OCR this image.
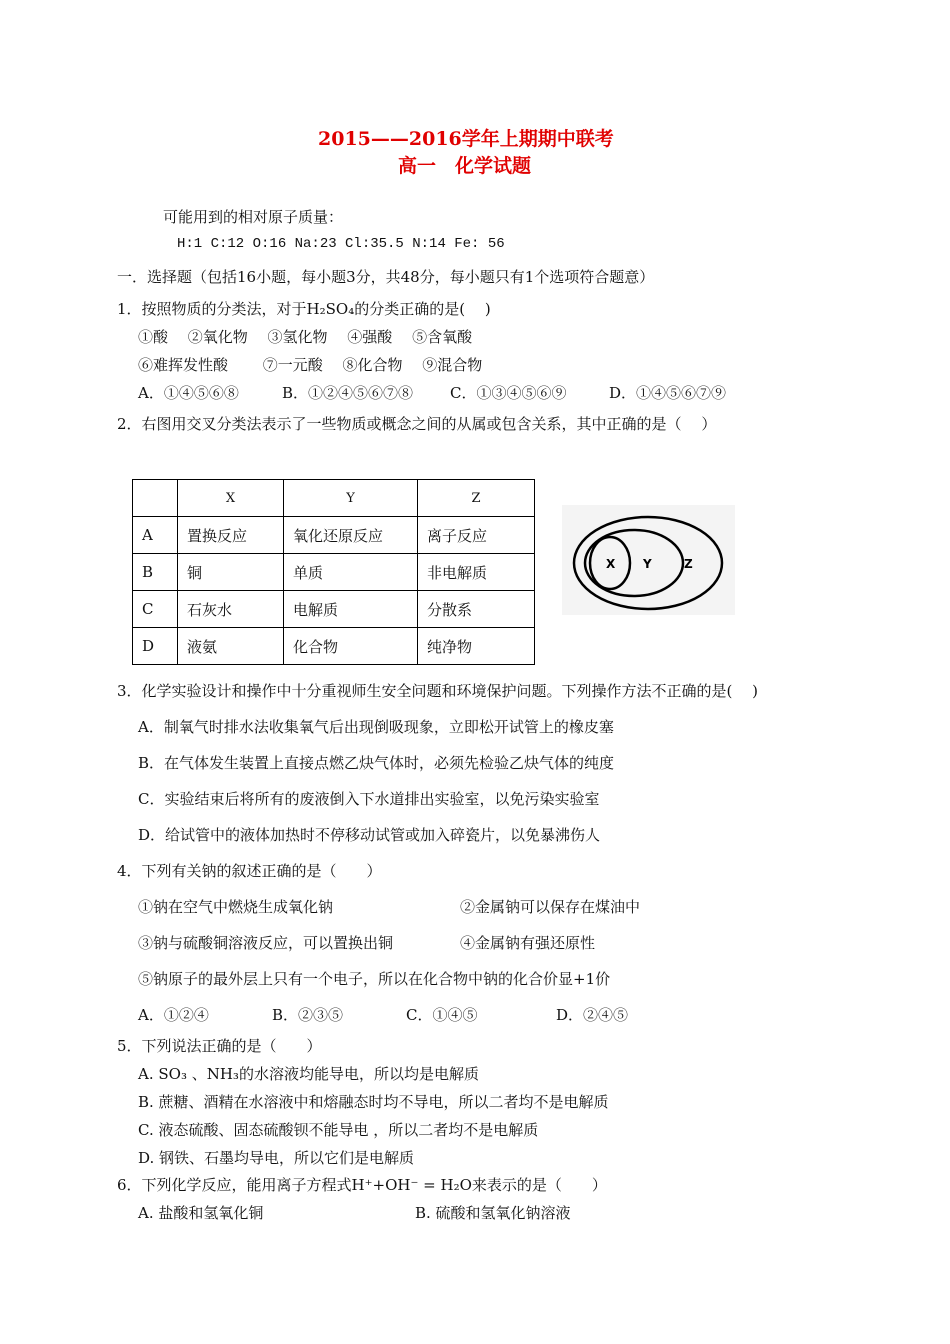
2015——2016学年上期期中联考
高一　化学试题
可能用到的相对原子质量：
H:1 C:12 O:16 Na:23 Cl:35.5 N:14 Fe: 56
一．选择题（包括16小题，每小题3分，共48分，每小题只有1个选项符合题意）
1．按照物质的分类法，对于H₂SO₄的分类正确的是(　 )
①酸　 ②氧化物　 ③氢化物　 ④强酸　 ⑤含氧酸
⑥难挥发性酸　　 ⑦一元酸　 ⑧化合物　 ⑨混合物
A．①④⑤⑥⑧	B．①②④⑤⑥⑦⑧ C．①③④⑤⑥⑨	D．①④⑤⑥⑦⑨
2．右图用交叉分类法表示了一些物质或概念之间的从属或包含关系，其中正确的是（　 ）
	X	Y	Z
A	置换反应	氧化还原反应	离子反应
B	铜	单质	非电解质
C	石灰水	电解质	分散系
D	液氨	化合物	纯净物
X Y	Z
3．化学实验设计和操作中十分重视师生安全问题和环境保护问题。下列操作方法不正确的是(　 )
A．制氧气时排水法收集氧气后出现倒吸现象，立即松开试管上的橡皮塞
B．在气体发生装置上直接点燃乙炔气体时，必须先检验乙炔气体的纯度
C．实验结束后将所有的废液倒入下水道排出实验室，以免污染实验室
D．给试管中的液体加热时不停移动试管或加入碎瓷片，以免暴沸伤人
4．下列有关钠的叙述正确的是（　　）
①钠在空气中燃烧生成氧化钠	②金属钠可以保存在煤油中
③钠与硫酸铜溶液反应，可以置换出铜	④金属钠有强还原性
⑤钠原子的最外层上只有一个电子，所以在化合物中钠的化合价显+1价
A．①②④	B．②③⑤	C．①④⑤	D．②④⑤
5．下列说法正确的是（　　）
A. SO₃ 、NH₃的水溶液均能导电，所以均是电解质
B. 蔗糖、酒精在水溶液中和熔融态时均不导电，所以二者均不是电解质
C. 液态硫酸、固态硫酸钡不能导电 ，所以二者均不是电解质
D. 钢铁、石墨均导电，所以它们是电解质
6．下列化学反应，能用离子方程式H⁺+OH⁻ = H₂O来表示的是（　　）
A. 盐酸和氢氧化铜	B. 硫酸和氢氧化钠溶液
